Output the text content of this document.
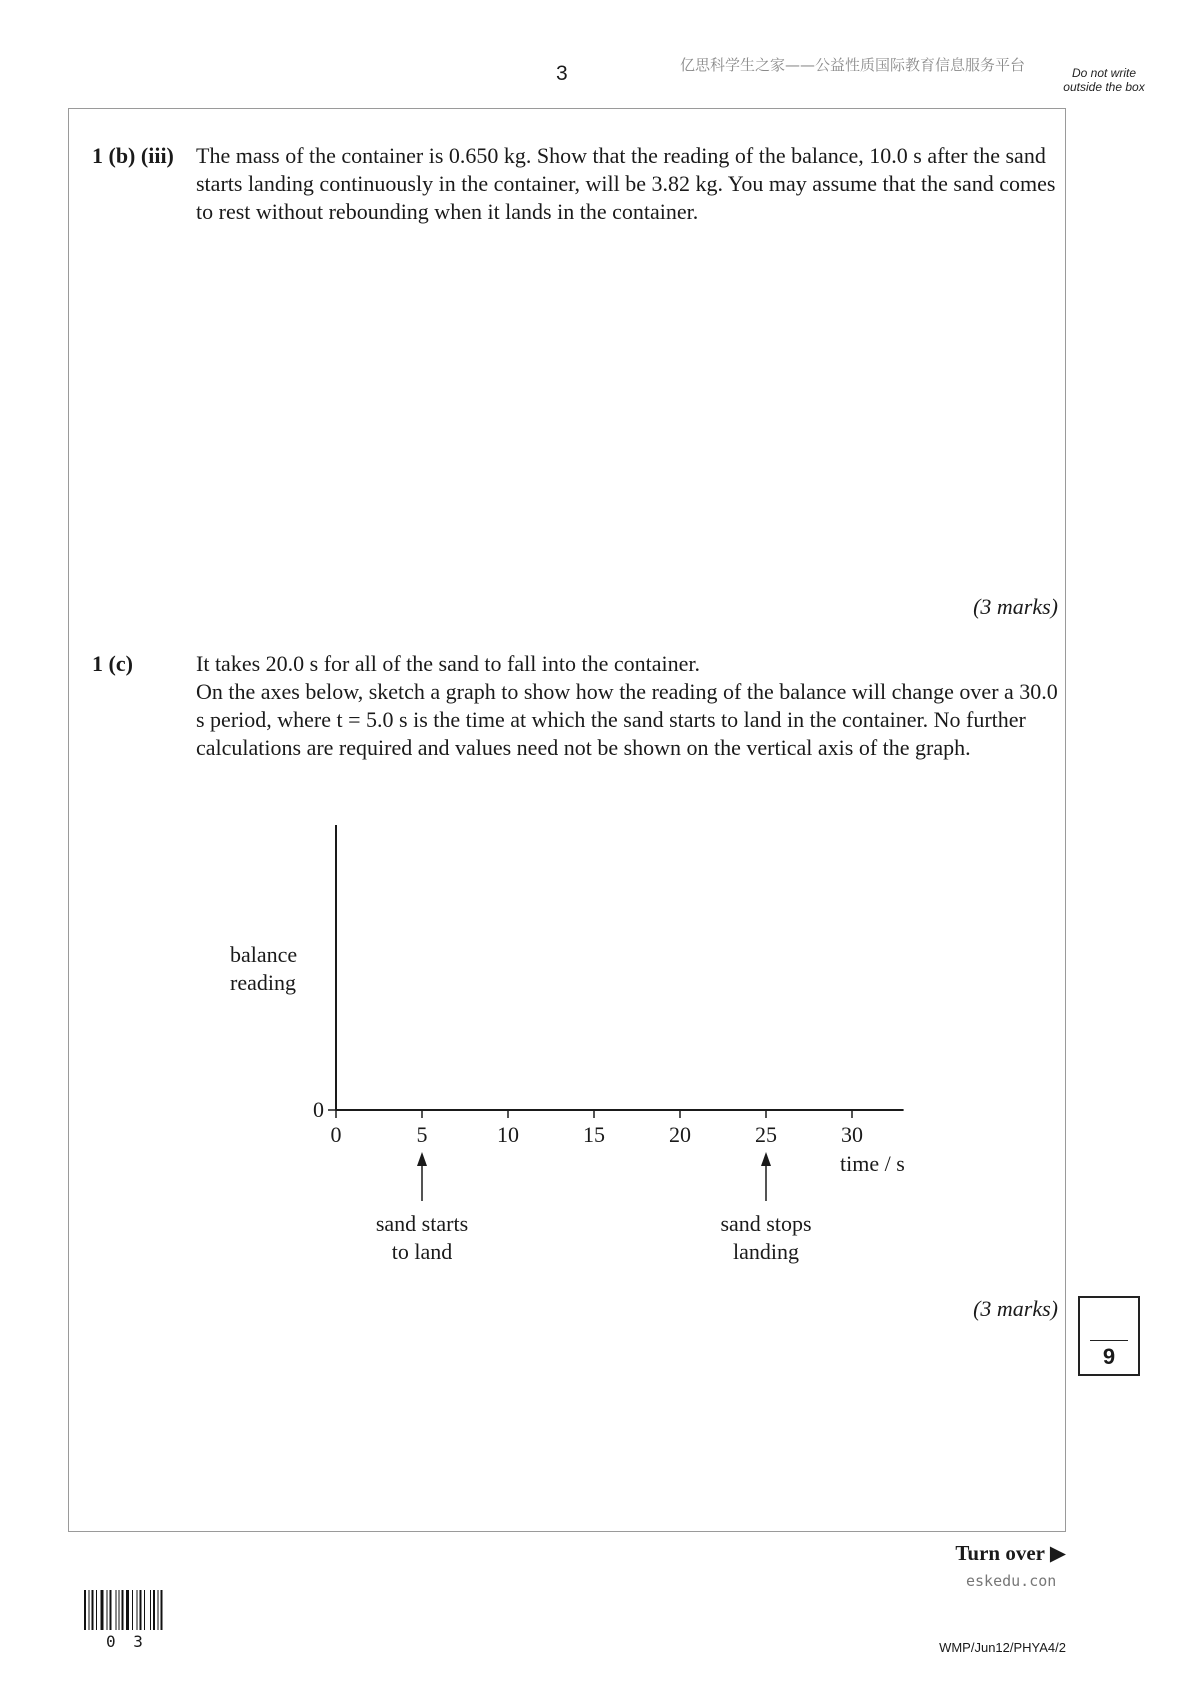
3	亿思科学生之家——公益性质国际教育信息服务平台	Do not write outside the box
1 (b) (iii) The mass of the container is 0.650 kg. Show that the reading of the balance, 10.0 s after the sand starts landing continuously in the container, will be 3.82 kg. You may assume that the sand comes to rest without rebounding when it lands in the container.
(3 marks)
1 (c)	It takes 20.0 s for all of the sand to fall into the container.
On the axes below, sketch a graph to show how the reading of the balance will change over a 30.0 s period, where t = 5.0 s is the time at which the sand starts to land in the container. No further calculations are required and values need not be shown on the vertical axis of the graph.
0
balance
reading
0	5	10	15	20	25	30
time / s
sand starts
to land
sand stops
landing
(3 marks)
9
Turn over ▶
eskedu.con
0 3	WMP/Jun12/PHYA4/2
